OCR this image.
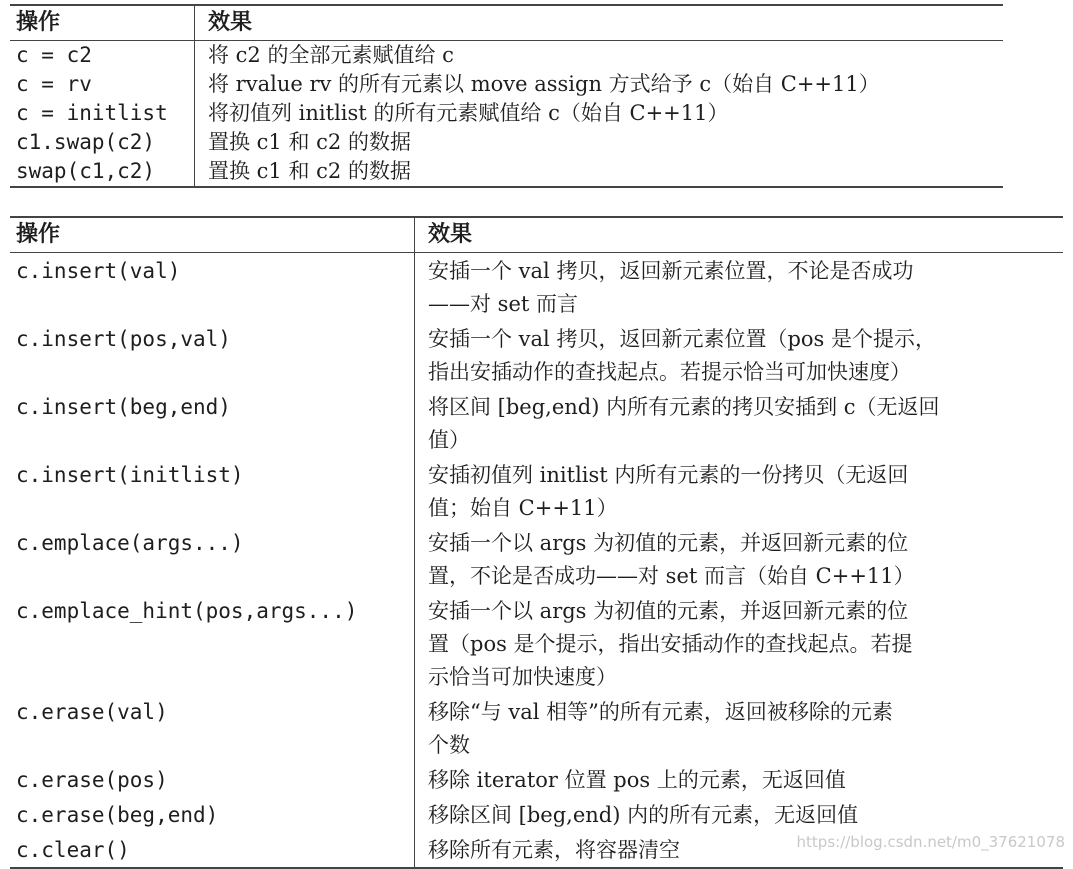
操作	效果
c = c2	将 c2 的全部元素赋值给 c
c = rv	将 rvalue rv 的所有元素以 move assign 方式给予 c（始自 C++11）
c = initlist	将初值列 initlist 的所有元素赋值给 c（始自 C++11）
c1.swap(c2)	置换 c1 和 c2 的数据
swap(c1,c2)	置换 c1 和 c2 的数据
操作	效果
c.insert(val)	安插一个 val 拷贝，返回新元素位置，不论是否成功
——对 set 而言

c.insert(pos,val)	安插一个 val 拷贝，返回新元素位置（pos 是个提示，
指出安插动作的查找起点。若提示恰当可加快速度）

c.insert(beg,end)	将区间 [beg,end) 内所有元素的拷贝安插到 c（无返回
值）

c.insert(initlist)	安插初值列 initlist 内所有元素的一份拷贝（无返回
值；始自 C++11）

c.emplace(args...)	安插一个以 args 为初值的元素，并返回新元素的位
置，不论是否成功——对 set 而言（始自 C++11）

c.emplace_hint(pos,args...)	安插一个以 args 为初值的元素，并返回新元素的位
置（pos 是个提示，指出安插动作的查找起点。若提
示恰当可加快速度）

c.erase(val)	移除“与 val 相等”的所有元素，返回被移除的元素
个数

c.erase(pos)	移除 iterator 位置 pos 上的元素，无返回值

c.erase(beg,end)	移除区间 [beg,end) 内的所有元素，无返回值

c.clear()	移除所有元素，将容器清空	https://blog.csdn.net/m0_37621078
